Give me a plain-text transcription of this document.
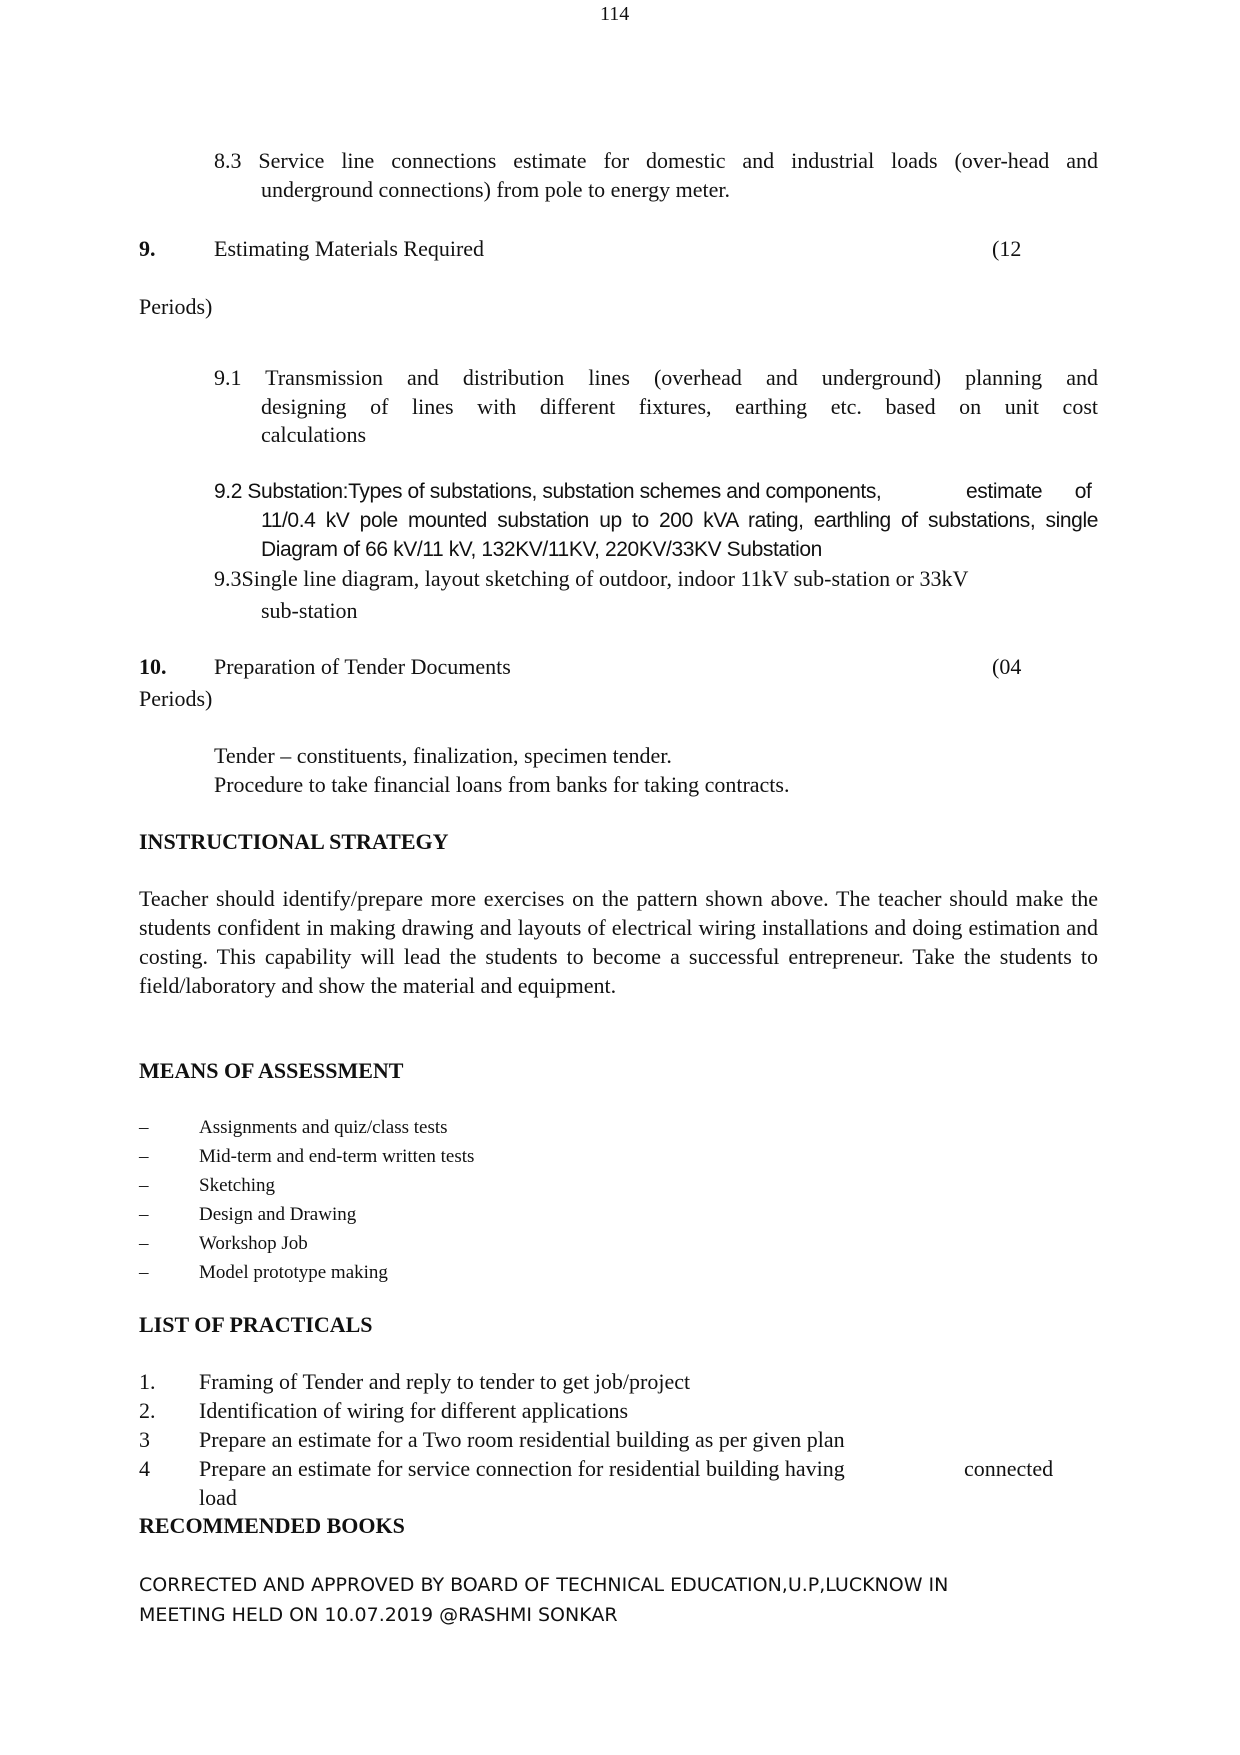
114
8.3 Service line connections estimate for domestic and industrial loads (over-head and
underground connections) from pole to energy meter.
9.	Estimating Materials Required	(12
Periods)
9.1 Transmission and distribution lines (overhead and underground) planning and
designing of lines with different fixtures, earthing etc. based on unit cost
calculations
9.2 Substation:Types of substations, substation schemes and components,	estimate      of
11/0.4 kV pole mounted substation up to 200 kVA rating, earthling of substations, single
Diagram of 66 kV/11 kV, 132KV/11KV, 220KV/33KV Substation
9.3Single line diagram, layout sketching of outdoor, indoor 11kV sub-station or 33kV
sub-station
10. Preparation of Tender Documents	(04
Periods)
Tender – constituents, finalization, specimen tender.
Procedure to take financial loans from banks for taking contracts.
INSTRUCTIONAL STRATEGY
Teacher should identify/prepare more exercises on the pattern shown above. The teacher should make the students confident in making drawing and layouts of electrical wiring installations and doing estimation and costing. This capability will lead the students to become a successful entrepreneur. Take the students to field/laboratory and show the material and equipment.
MEANS OF ASSESSMENT
–	Assignments and quiz/class tests
–	Mid-term and end-term written tests
–	Sketching
–	Design and Drawing
–	Workshop Job
–	Model prototype making
LIST OF PRACTICALS
1.	Framing of Tender and reply to tender to get job/project
2.	Identification of wiring for different applications
3	Prepare an estimate for a Two room residential building as per given plan
4	Prepare an estimate for service connection for residential building having	connected
load
RECOMMENDED BOOKS
CORRECTED AND APPROVED BY BOARD OF TECHNICAL EDUCATION,U.P,LUCKNOW IN
MEETING HELD ON 10.07.2019 @RASHMI SONKAR
